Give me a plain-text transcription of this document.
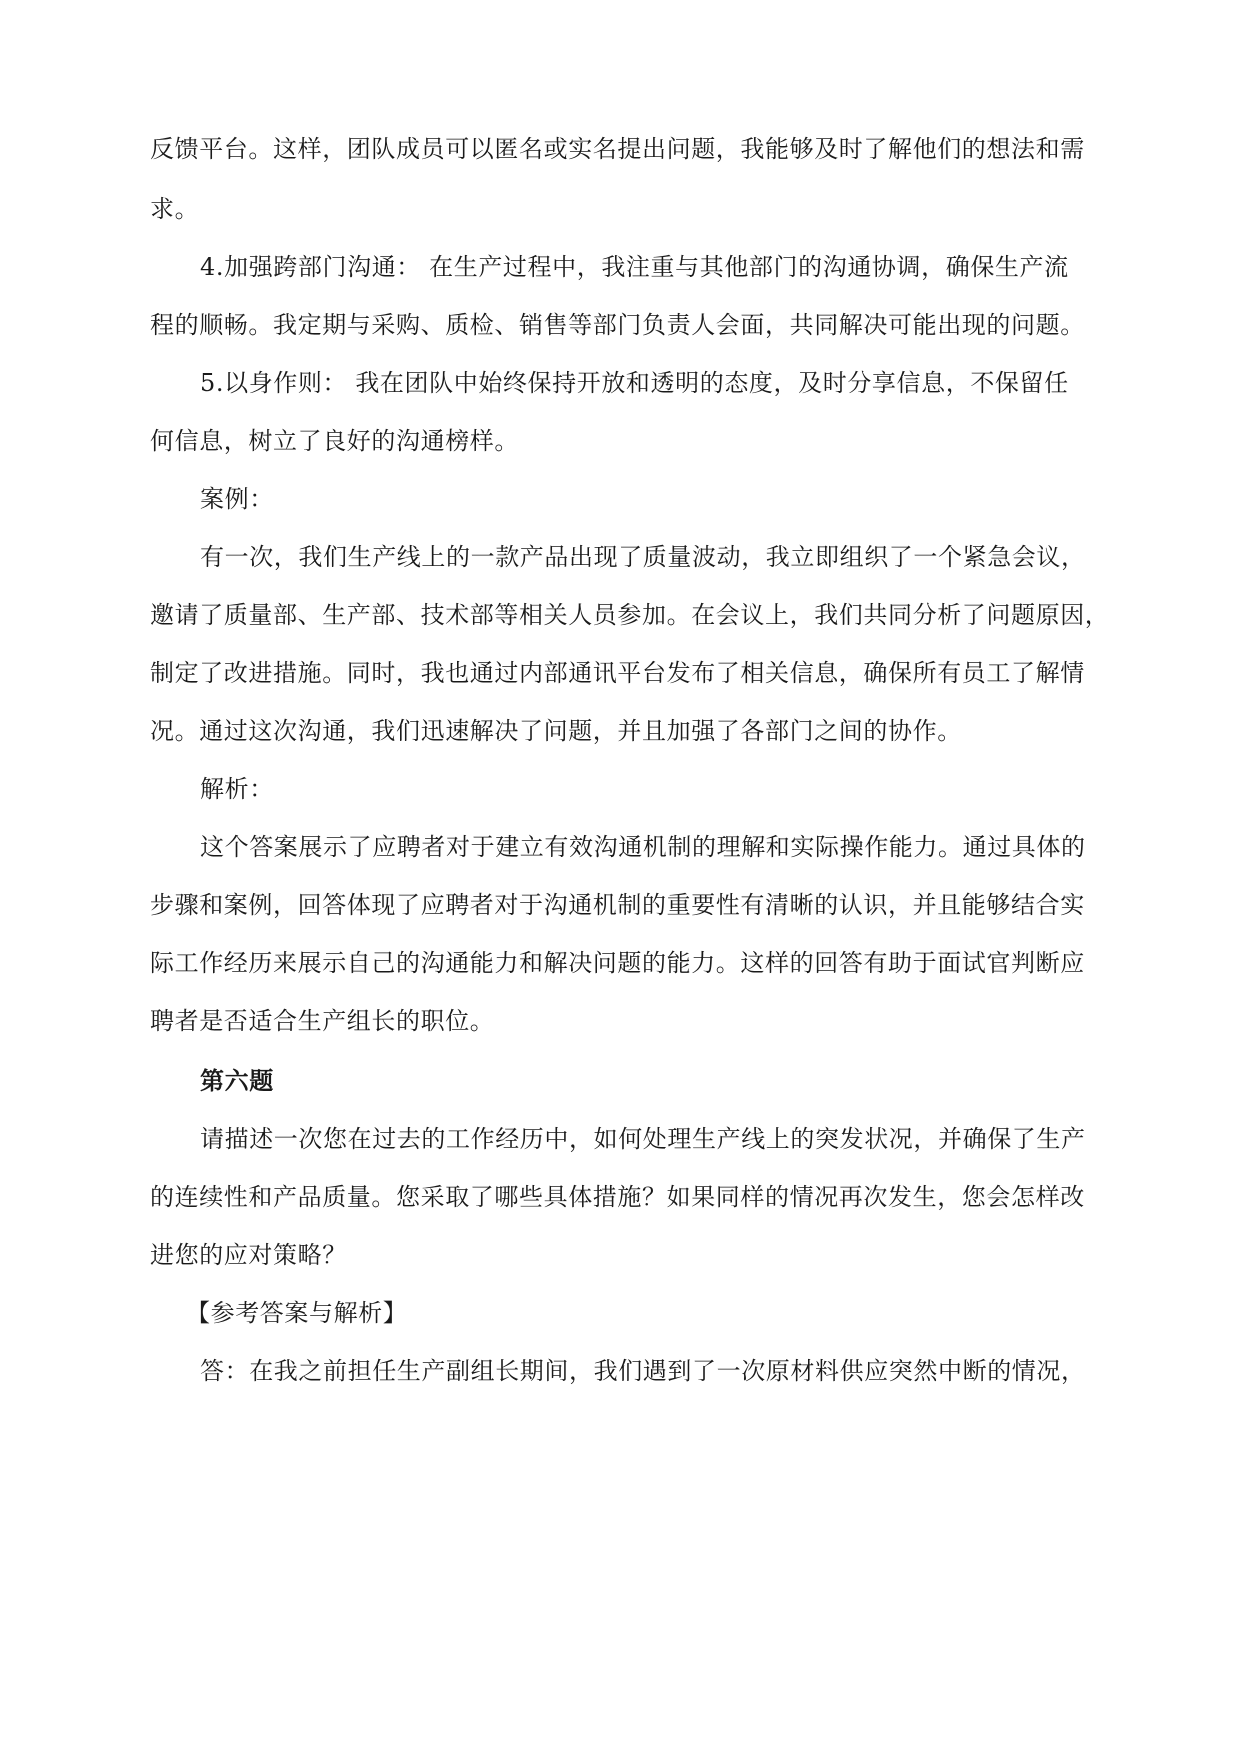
反馈平台。这样，团队成员可以匿名或实名提出问题，我能够及时了解他们的想法和需
求。
4.加强跨部门沟通： 在生产过程中，我注重与其他部门的沟通协调，确保生产流
程的顺畅。我定期与采购、质检、销售等部门负责人会面，共同解决可能出现的问题。
5.以身作则： 我在团队中始终保持开放和透明的态度，及时分享信息，不保留任
何信息，树立了良好的沟通榜样。
案例：
有一次，我们生产线上的一款产品出现了质量波动，我立即组织了一个紧急会议，
邀请了质量部、生产部、技术部等相关人员参加。在会议上，我们共同分析了问题原因，
制定了改进措施。同时，我也通过内部通讯平台发布了相关信息，确保所有员工了解情
况。通过这次沟通，我们迅速解决了问题，并且加强了各部门之间的协作。
解析：
这个答案展示了应聘者对于建立有效沟通机制的理解和实际操作能力。通过具体的
步骤和案例，回答体现了应聘者对于沟通机制的重要性有清晰的认识，并且能够结合实
际工作经历来展示自己的沟通能力和解决问题的能力。这样的回答有助于面试官判断应
聘者是否适合生产组长的职位。
第六题
请描述一次您在过去的工作经历中，如何处理生产线上的突发状况，并确保了生产
的连续性和产品质量。您采取了哪些具体措施？如果同样的情况再次发生，您会怎样改
进您的应对策略？
【参考答案与解析】
答：在我之前担任生产副组长期间，我们遇到了一次原材料供应突然中断的情况，
